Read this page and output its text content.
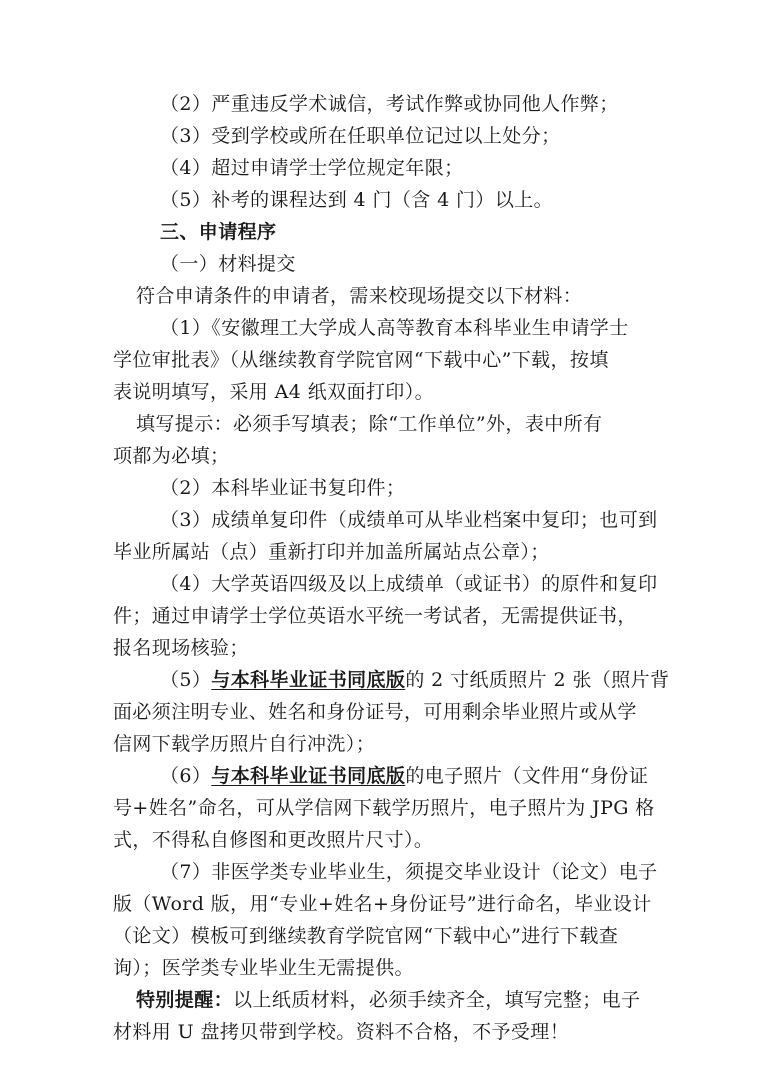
（2）严重违反学术诚信，考试作弊或协同他人作弊；
（3）受到学校或所在任职单位记过以上处分；
（4）超过申请学士学位规定年限；
（5）补考的课程达到 4 门（含 4 门）以上。
三、申请程序
（一）材料提交
符合申请条件的申请者，需来校现场提交以下材料：
（1）《安徽理工大学成人高等教育本科毕业生申请学士
学位审批表》（从继续教育学院官网“下载中心”下载，按填
表说明填写，采用 A4 纸双面打印）。
填写提示：必须手写填表；除“工作单位”外，表中所有
项都为必填；
（2）本科毕业证书复印件；
（3）成绩单复印件（成绩单可从毕业档案中复印；也可到
毕业所属站（点）重新打印并加盖所属站点公章）；
（4）大学英语四级及以上成绩单（或证书）的原件和复印
件；通过申请学士学位英语水平统一考试者，无需提供证书，
报名现场核验；
（5）与本科毕业证书同底版的 2 寸纸质照片 2 张（照片背
面必须注明专业、姓名和身份证号，可用剩余毕业照片或从学
信网下载学历照片自行冲洗）；
（6）与本科毕业证书同底版的电子照片（文件用“身份证
号+姓名”命名，可从学信网下载学历照片，电子照片为 JPG 格
式，不得私自修图和更改照片尺寸）。
（7）非医学类专业毕业生，须提交毕业设计（论文）电子
版（Word 版，用“专业+姓名+身份证号”进行命名，毕业设计
（论文）模板可到继续教育学院官网“下载中心”进行下载查
询）；医学类专业毕业生无需提供。
特别提醒：以上纸质材料，必须手续齐全，填写完整；电子
材料用 U 盘拷贝带到学校。资料不合格，不予受理！
